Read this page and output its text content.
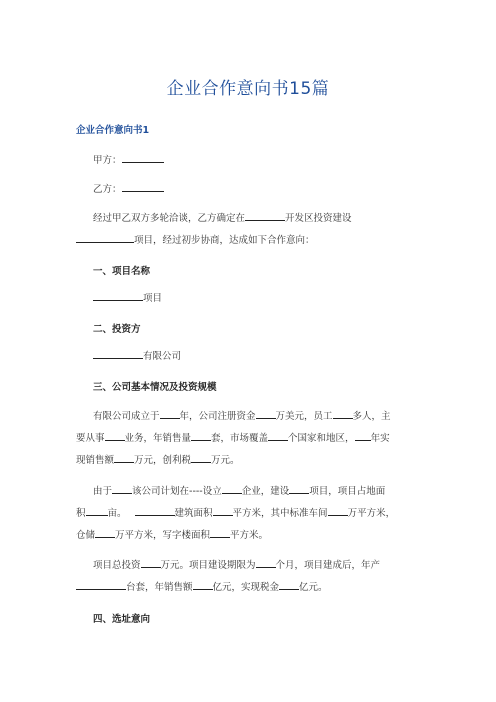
企业合作意向书15篇
企业合作意向书1
甲方：
乙方：
经过甲乙双方多轮洽谈，乙方确定在	开发区投资建设
项目，经过初步协商，达成如下合作意向：
一、项目名称
项目
二、投资方
有限公司
三、公司基本情况及投资规模
有限公司成立于 年，公司注册资金 万美元，员工 多人，主
要从事 业务，年销售量 套，市场覆盖 个国家和地区， 年实
现销售额 万元，创利税 万元。
由于 该公司计划在----设立 企业，建设 项目，项目占地面
积 亩。	建筑面积 平方米，其中标准车间 万平方米，
仓储 万平方米，写字楼面积 平方米。
项目总投资 万元。项目建设期限为 个月，项目建成后，年产
台套，年销售额 亿元，实现税金 亿元。
四、选址意向
